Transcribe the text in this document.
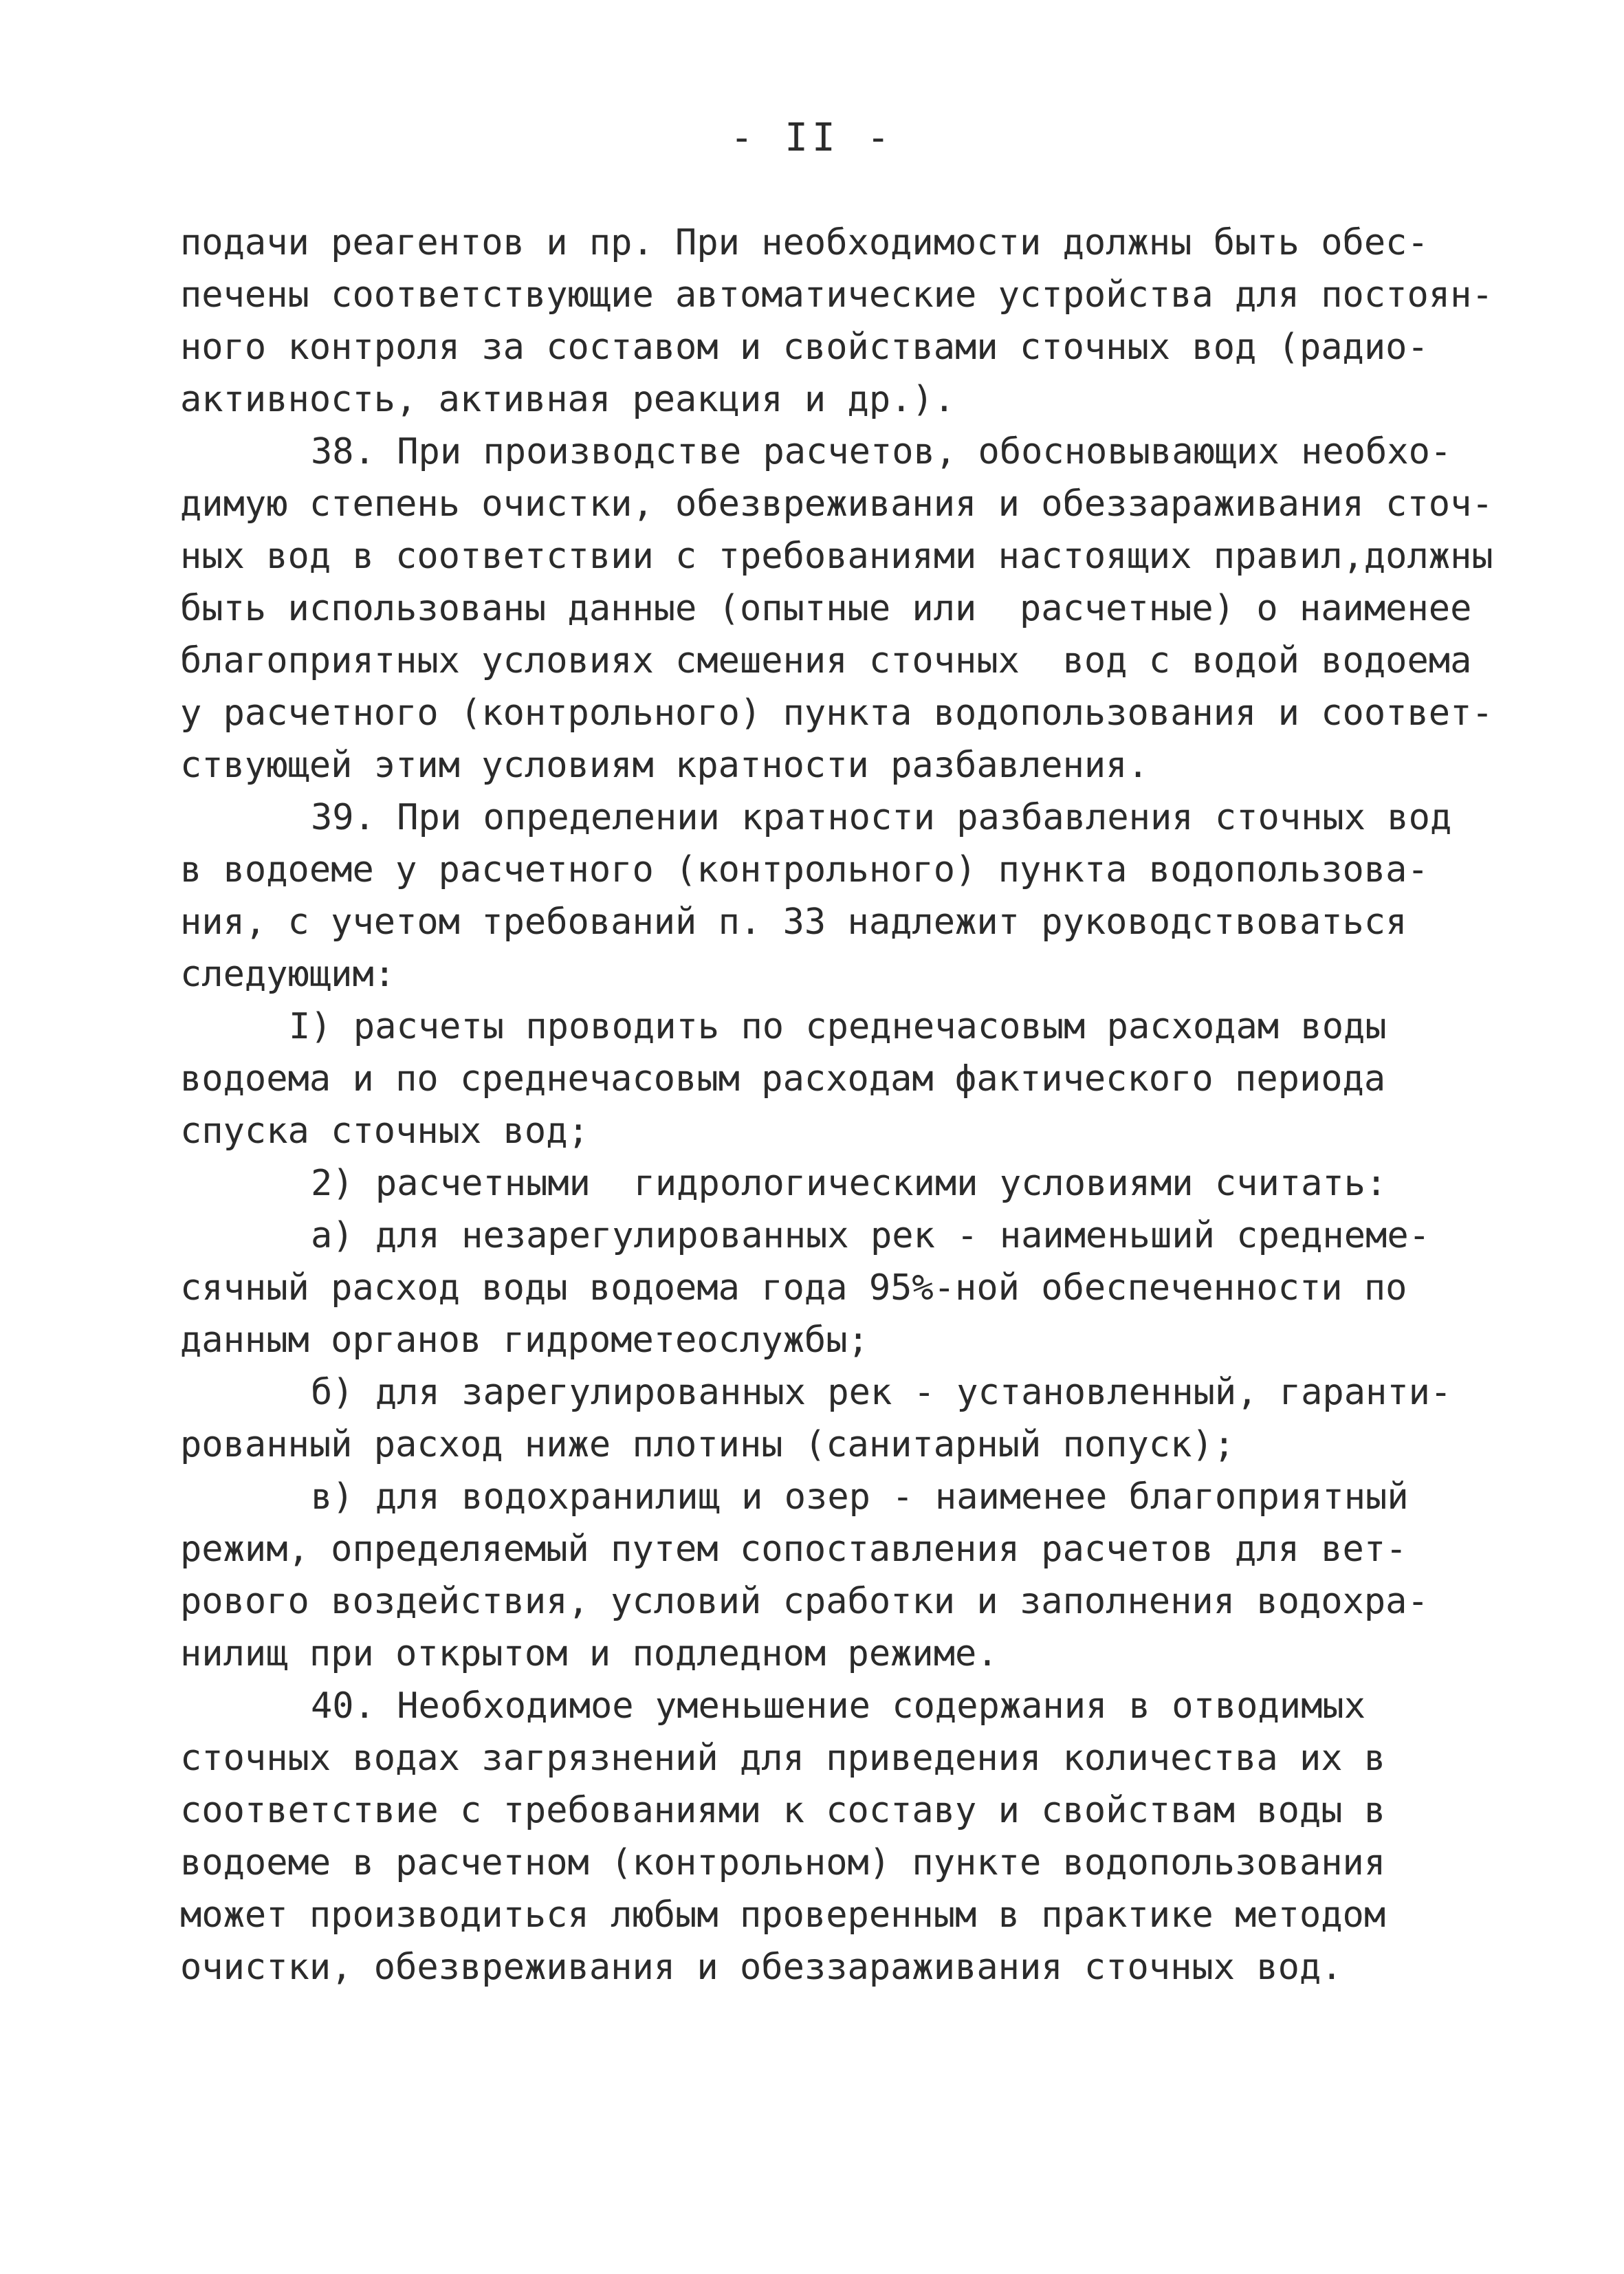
- II -
подачи реагентов и пр. При необходимости должны быть обес-
печены соответствующие автоматические устройства для постоян-
ного контроля за составом и свойствами сточных вод (радио-
активность, активная реакция и др.).
38. При производстве расчетов, обосновывающих необхо-
димую степень очистки, обезвреживания и обеззараживания сточ-
ных вод в соответствии с требованиями настоящих правил,должны
быть использованы данные (опытные или  расчетные) о наименее
благоприятных условиях смешения сточных  вод с водой водоема
у расчетного (контрольного) пункта водопользования и соответ-
ствующей этим условиям кратности разбавления.
39. При определении кратности разбавления сточных вод
в водоеме у расчетного (контрольного) пункта водопользова-
ния, с учетом требований п. 33 надлежит руководствоваться
следующим:
I) расчеты проводить по среднечасовым расходам воды
водоема и по среднечасовым расходам фактического периода
спуска сточных вод;
2) расчетными  гидрологическими условиями считать:
а) для незарегулированных рек - наименьший среднеме-
сячный расход воды водоема года 95%-ной обеспеченности по
данным органов гидрометеослужбы;
б) для зарегулированных рек - установленный, гаранти-
рованный расход ниже плотины (санитарный попуск);
в) для водохранилищ и озер - наименее благоприятный
режим, определяемый путем сопоставления расчетов для вет-
рового воздействия, условий сработки и заполнения водохра-
нилищ при открытом и подледном режиме.
40. Необходимое уменьшение содержания в отводимых
сточных водах загрязнений для приведения количества их в
соответствие с требованиями к составу и свойствам воды в
водоеме в расчетном (контрольном) пункте водопользования
может производиться любым проверенным в практике методом
очистки, обезвреживания и обеззараживания сточных вод.
